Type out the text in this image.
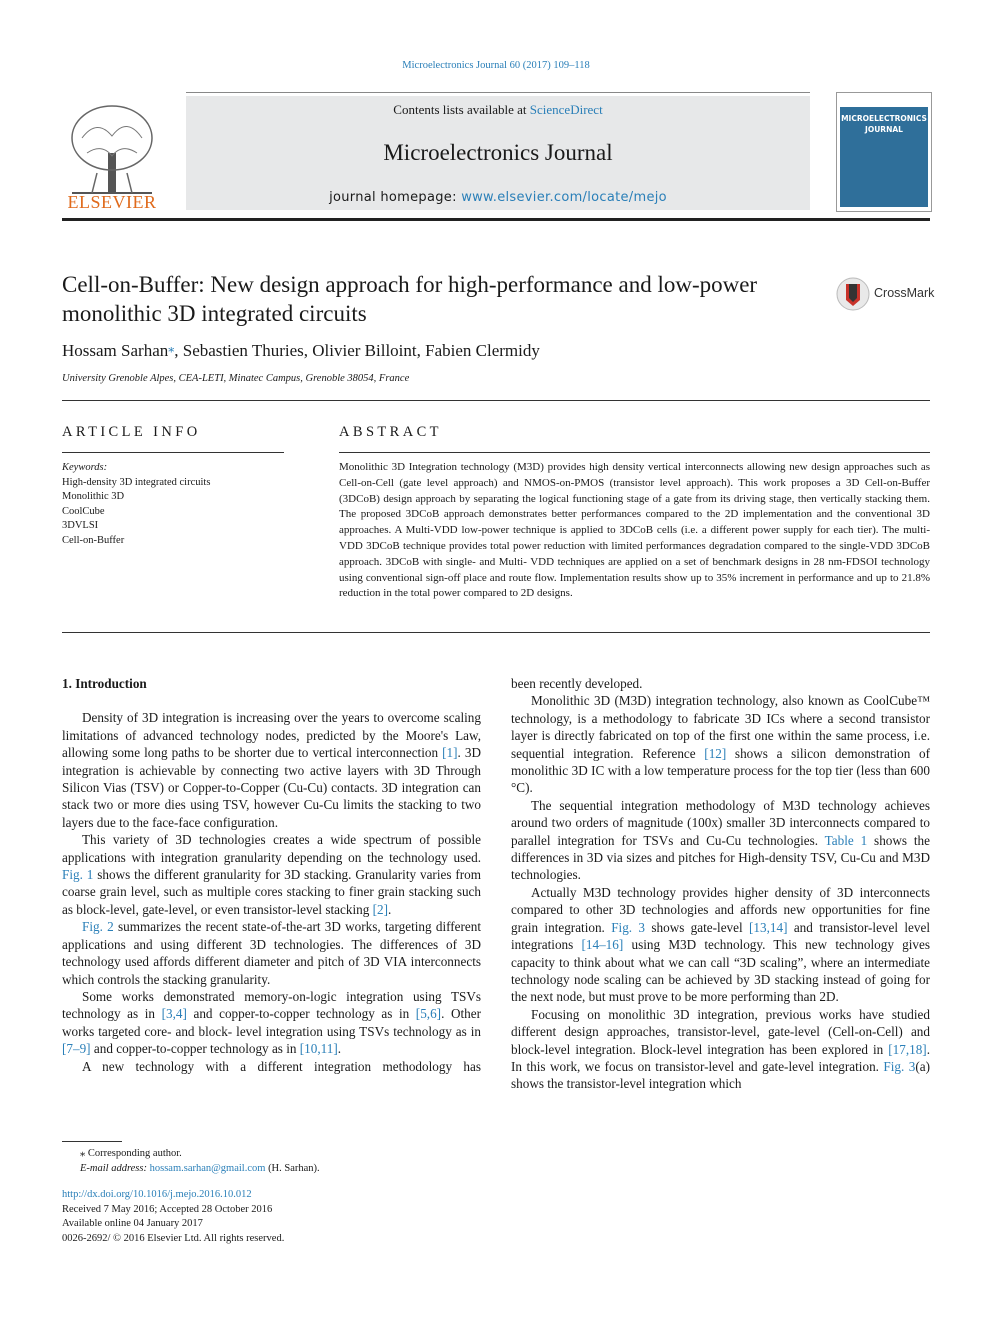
Microelectronics Journal 60 (2017) 109–118
ELSEVIER
Contents lists available at ScienceDirect
Microelectronics Journal
journal homepage: www.elsevier.com/locate/mejo
MICROELECTRONICS JOURNAL
Cell-on-Buffer: New design approach for high-performance and low-power
monolithic 3D integrated circuits
CrossMark
Hossam Sarhan⁎, Sebastien Thuries, Olivier Billoint, Fabien Clermidy
University Grenoble Alpes, CEA-LETI, Minatec Campus, Grenoble 38054, France
ARTICLE INFO
Keywords:
High-density 3D integrated circuits
Monolithic 3D
CoolCube
3DVLSI
Cell-on-Buffer
ABSTRACT
Monolithic 3D Integration technology (M3D) provides high density vertical interconnects allowing new design approaches such as Cell-on-Cell (gate level approach) and NMOS-on-PMOS (transistor level approach). This work proposes a 3D Cell-on-Buffer (3DCoB) design approach by separating the logical functioning stage of a gate from its driving stage, then vertically stacking them. The proposed 3DCoB approach demonstrates better performances compared to the 2D implementation and the conventional 3D approaches. A Multi-VDD low-power technique is applied to 3DCoB cells (i.e. a different power supply for each tier). The multi-VDD 3DCoB technique provides total power reduction with limited performances degradation compared to the single-VDD 3DCoB approach. 3DCoB with single- and Multi- VDD techniques are applied on a set of benchmark designs in 28 nm-FDSOI technology using conventional sign-off place and route flow. Implementation results show up to 35% increment in performance and up to 21.8% reduction in the total power compared to 2D designs.
1. Introduction

Density of 3D integration is increasing over the years to overcome scaling limitations of advanced technology nodes, predicted by the Moore's Law, allowing some long paths to be shorter due to vertical interconnection [1]. 3D integration is achievable by connecting two active layers with 3D Through Silicon Vias (TSV) or Copper-to-Copper (Cu-Cu) contacts. 3D integration can stack two or more dies using TSV, however Cu-Cu limits the stacking to two layers due to the face-face configuration.

This variety of 3D technologies creates a wide spectrum of possible applications with integration granularity depending on the technology used. Fig. 1 shows the different granularity for 3D stacking. Granularity varies from coarse grain level, such as multiple cores stacking to finer grain stacking such as block-level, gate-level, or even transistor-level stacking [2].

Fig. 2 summarizes the recent state-of-the-art 3D works, targeting different applications and using different 3D technologies. The differences of 3D technology used affords different diameter and pitch of 3D VIA interconnects which controls the stacking granularity.

Some works demonstrated memory-on-logic integration using TSVs technology as in [3,4] and copper-to-copper technology as in [5,6]. Other works targeted core- and block- level integration using TSVs technology as in [7–9] and copper-to-copper technology as in [10,11].

A new technology with a different integration methodology has

been recently developed.

Monolithic 3D (M3D) integration technology, also known as CoolCube™ technology, is a methodology to fabricate 3D ICs where a second transistor layer is directly fabricated on top of the first one within the same process, i.e. sequential integration. Reference [12] shows a silicon demonstration of monolithic 3D IC with a low temperature process for the top tier (less than 600 °C).

The sequential integration methodology of M3D technology achieves around two orders of magnitude (100x) smaller 3D interconnects compared to parallel integration for TSVs and Cu-Cu technologies. Table 1 shows the differences in 3D via sizes and pitches for High-density TSV, Cu-Cu and M3D technologies.

Actually M3D technology provides higher density of 3D interconnects compared to other 3D technologies and affords new opportunities for fine grain integration. Fig. 3 shows gate-level [13,14] and transistor-level level integrations [14–16] using M3D technology. This new technology gives capacity to think about what we can call “3D scaling”, where an intermediate technology node scaling can be achieved by 3D stacking instead of going for the next node, but must prove to be more performing than 2D.

Focusing on monolithic 3D integration, previous works have studied different design approaches, transistor-level, gate-level (Cell-on-Cell) and block-level integration. Block-level integration has been explored in [17,18]. In this work, we focus on transistor-level and gate-level integration. Fig. 3(a) shows the transistor-level integration which

⁎ Corresponding author.
E-mail address: hossam.sarhan@gmail.com (H. Sarhan).
http://dx.doi.org/10.1016/j.mejo.2016.10.012
Received 7 May 2016; Accepted 28 October 2016
Available online 04 January 2017
0026-2692/ © 2016 Elsevier Ltd. All rights reserved.
